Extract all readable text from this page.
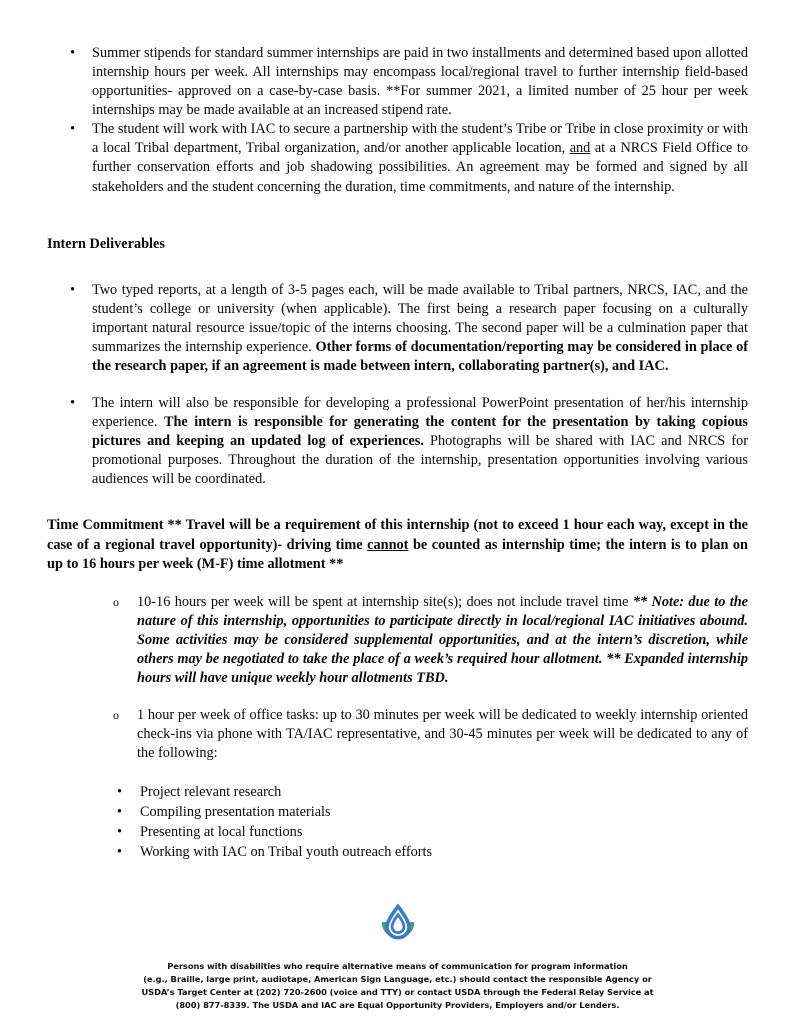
•
Summer stipends for standard summer internships are paid in two installments and determined based upon allotted internship hours per week. All internships may encompass local/regional travel to further internship field-based opportunities- approved on a case-by-case basis. **For summer 2021, a limited number of 25 hour per week internships may be made available at an increased stipend rate.
•
The student will work with IAC to secure a partnership with the student’s Tribe or Tribe in close proximity or with a local Tribal department, Tribal organization, and/or another applicable location, and at a NRCS Field Office to further conservation efforts and job shadowing possibilities. An agreement may be formed and signed by all stakeholders and the student concerning the duration, time commitments, and nature of the internship.

Intern Deliverables

•
Two typed reports, at a length of 3-5 pages each, will be made available to Tribal partners, NRCS, IAC, and the student’s college or university (when applicable). The first being a research paper focusing on a culturally important natural resource issue/topic of the interns choosing. The second paper will be a culmination paper that summarizes the internship experience. Other forms of documentation/reporting may be considered in place of the research paper, if an agreement is made between intern, collaborating partner(s), and IAC.
•
The intern will also be responsible for developing a professional PowerPoint presentation of her/his internship experience. The intern is responsible for generating the content for the presentation by taking copious pictures and keeping an updated log of experiences. Photographs will be shared with IAC and NRCS for promotional purposes. Throughout the duration of the internship, presentation opportunities involving various audiences will be coordinated.

Time Commitment ** Travel will be a requirement of this internship (not to exceed 1 hour each way, except in the case of a regional travel opportunity)- driving time cannot be counted as internship time; the intern is to plan on up to 16 hours per week (M-F) time allotment **

o
10-16 hours per week will be spent at internship site(s); does not include travel time ** Note: due to the nature of this internship, opportunities to participate directly in local/regional IAC initiatives abound. Some activities may be considered supplemental opportunities, and at the intern’s discretion, while others may be negotiated to take the place of a week’s required hour allotment. ** Expanded internship hours will have unique weekly hour allotments TBD.
o
1 hour per week of office tasks: up to 30 minutes per week will be dedicated to weekly internship oriented check-ins via phone with TA/IAC representative, and 30-45 minutes per week will be dedicated to any of the following:
•
Project relevant research
•
Compiling presentation materials
•
Presenting at local functions
•
Working with IAC on Tribal youth outreach efforts
Persons with disabilities who require alternative means of communication for program information
(e.g., Braille, large print, audiotape, American Sign Language, etc.) should contact the responsible Agency or
USDA’s Target Center at (202) 720-2600 (voice and TTY) or contact USDA through the Federal Relay Service at
(800) 877-8339. The USDA and IAC are Equal Opportunity Providers, Employers and/or Lenders.
